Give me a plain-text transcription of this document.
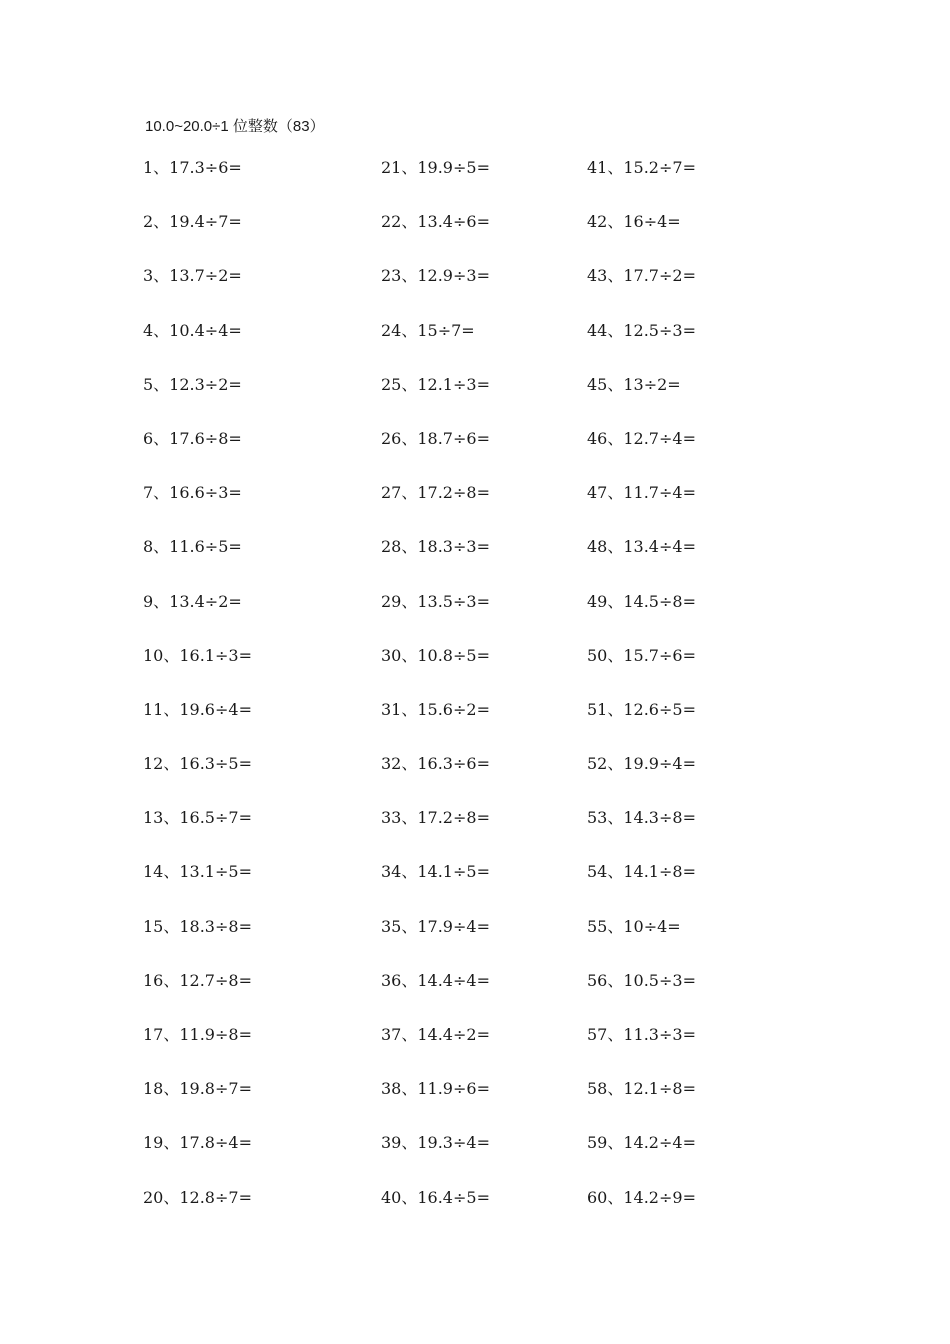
10.0~20.0÷1 位整数（83）
1、17.3÷6=
2、19.4÷7=
3、13.7÷2=
4、10.4÷4=
5、12.3÷2=
6、17.6÷8=
7、16.6÷3=
8、11.6÷5=
9、13.4÷2=
10、16.1÷3=
11、19.6÷4=
12、16.3÷5=
13、16.5÷7=
14、13.1÷5=
15、18.3÷8=
16、12.7÷8=
17、11.9÷8=
18、19.8÷7=
19、17.8÷4=
20、12.8÷7=
21、19.9÷5=
22、13.4÷6=
23、12.9÷3=
24、15÷7=
25、12.1÷3=
26、18.7÷6=
27、17.2÷8=
28、18.3÷3=
29、13.5÷3=
30、10.8÷5=
31、15.6÷2=
32、16.3÷6=
33、17.2÷8=
34、14.1÷5=
35、17.9÷4=
36、14.4÷4=
37、14.4÷2=
38、11.9÷6=
39、19.3÷4=
40、16.4÷5=
41、15.2÷7=
42、16÷4=
43、17.7÷2=
44、12.5÷3=
45、13÷2=
46、12.7÷4=
47、11.7÷4=
48、13.4÷4=
49、14.5÷8=
50、15.7÷6=
51、12.6÷5=
52、19.9÷4=
53、14.3÷8=
54、14.1÷8=
55、10÷4=
56、10.5÷3=
57、11.3÷3=
58、12.1÷8=
59、14.2÷4=
60、14.2÷9=
